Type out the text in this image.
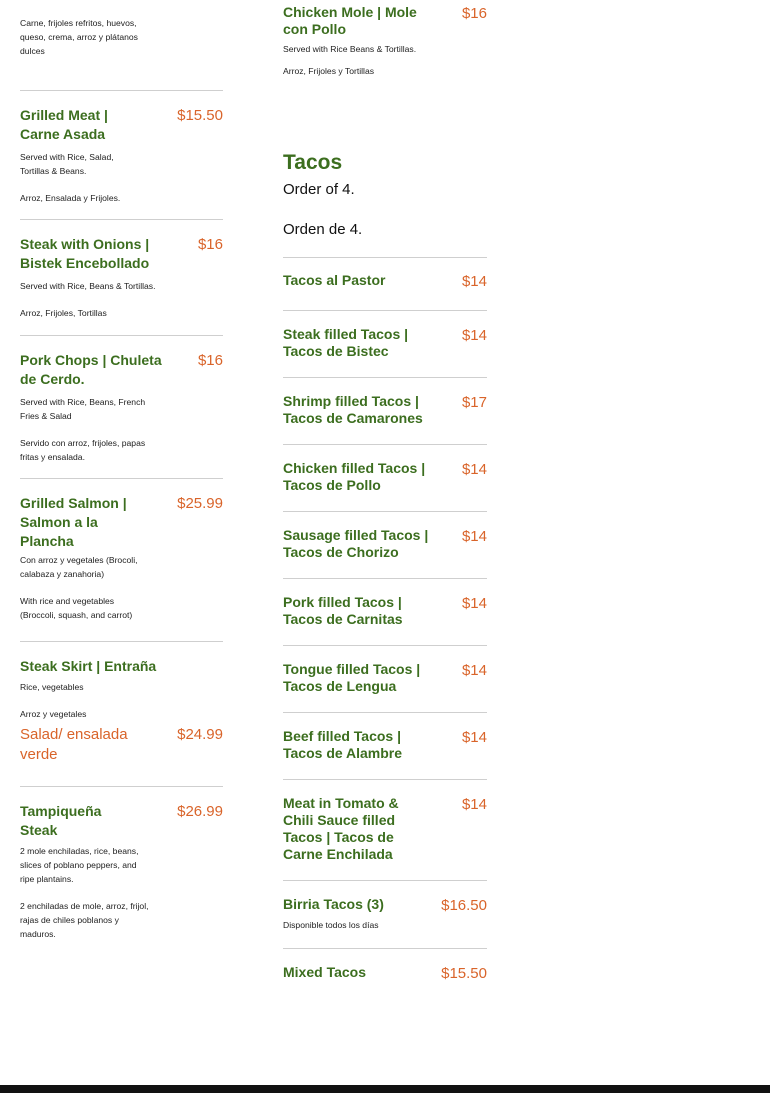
Carne, frijoles refritos, huevos, queso, crema, arroz y plátanos dulces

Grilled Meat | Carne Asada
$15.50

Served with Rice, Salad, Tortillas & Beans.

Arroz, Ensalada y Frijoles.

Steak with Onions | Bistek Encebollado
$16

Served with Rice, Beans & Tortillas.

Arroz, Frijoles, Tortillas

Pork Chops | Chuleta de Cerdo.
$16

Served with Rice, Beans, French Fries & Salad

Servido con arroz, frijoles, papas fritas y ensalada.

Grilled Salmon | Salmon a la Plancha
$25.99

Con arroz y vegetales (Brocoli, calabaza y zanahoria)

With rice and vegetables (Broccoli, squash, and carrot)

Steak Skirt | Entraña

Rice, vegetables

Arroz y vegetales

Salad/ ensalada verde
$24.99
Tampiqueña Steak
$26.99

2 mole enchiladas, rice, beans, slices of poblano peppers, and ripe plantains.

2 enchiladas de mole, arroz, frijol, rajas de chiles poblanos y maduros.

Chicken Mole | Mole con Pollo
$16

Served with Rice Beans & Tortillas.

Arroz, Frijoles y Tortillas

Tacos

Order of 4.

Orden de 4.

Tacos al Pastor	$14
Steak filled Tacos | Tacos de Bistec
$14
Shrimp filled Tacos | Tacos de Camarones
$17
Chicken filled Tacos | Tacos de Pollo
$14
Sausage filled Tacos | Tacos de Chorizo
$14
Pork filled Tacos | Tacos de Carnitas
$14
Tongue filled Tacos | Tacos de Lengua
$14
Beef filled Tacos | Tacos de Alambre
$14
Meat in Tomato & Chili Sauce filled Tacos | Tacos de Carne Enchilada
$14
Birria Tacos (3)	$16.50

Disponible todos los días

Mixed Tacos	$15.50
